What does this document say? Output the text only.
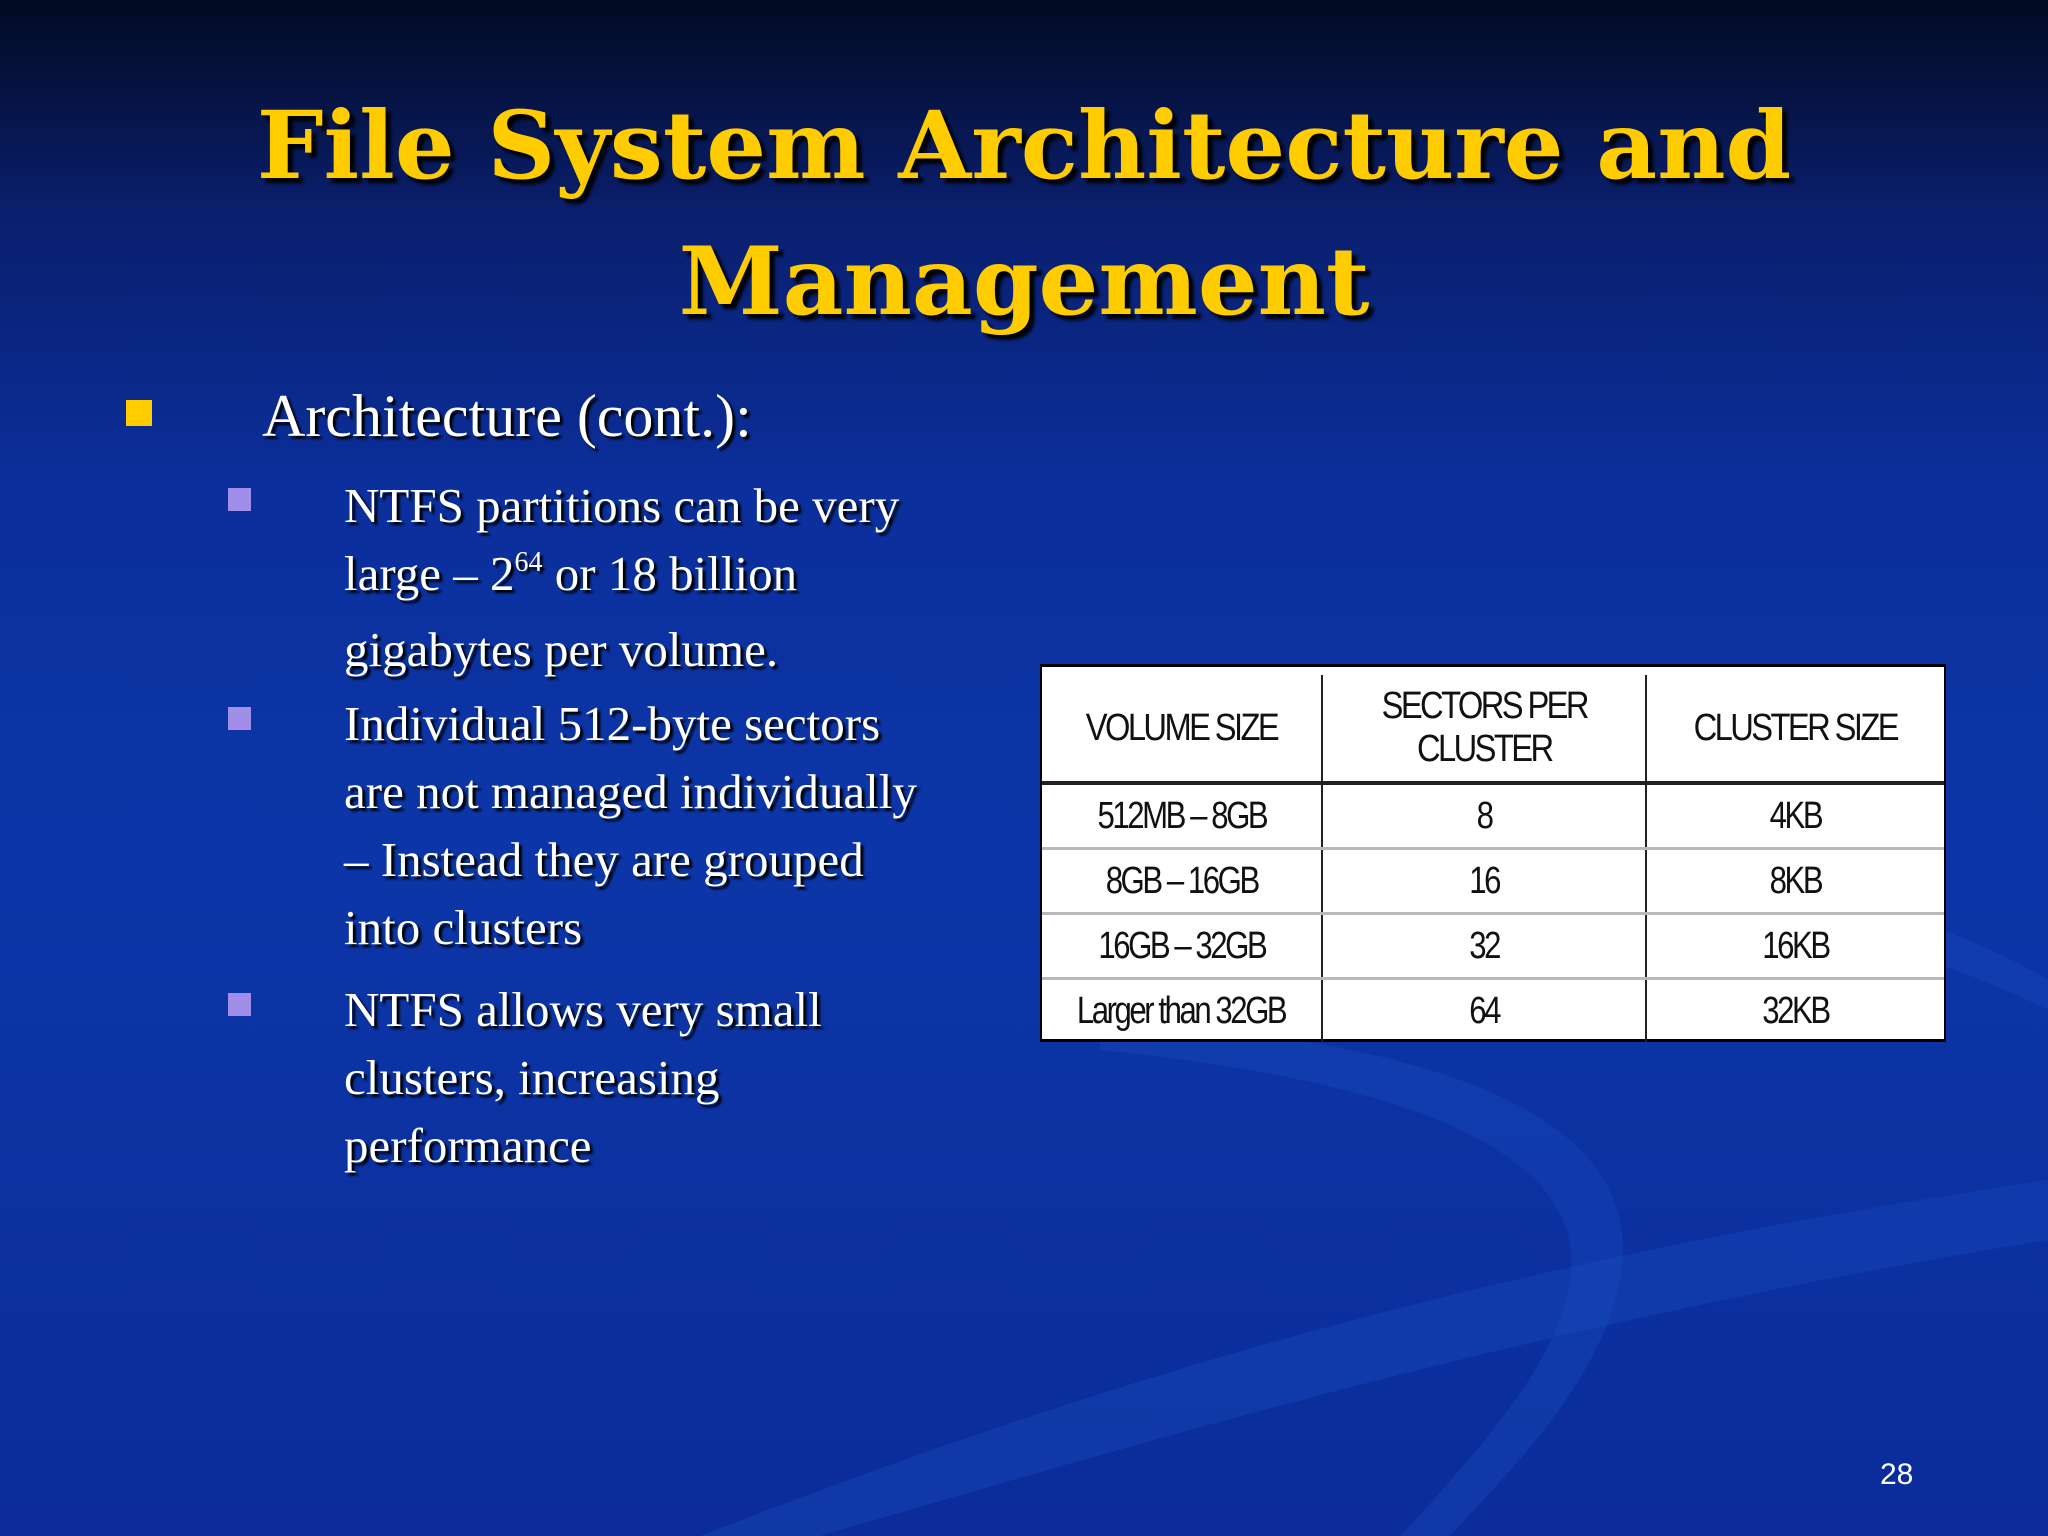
File System Architecture and
Management
Architecture (cont.):
NTFS partitions can be very
large – $2^{64}$ or 18 billion
gigabytes per volume.
Individual 512-byte sectors
are not managed individually
– Instead they are grouped
into clusters
NTFS allows very small
clusters, increasing
performance
VOLUME SIZE	SECTORS PER CLUSTER	CLUSTER SIZE
512MB – 8GB	8	4KB
8GB – 16GB	16	8KB
16GB – 32GB	32	16KB
Larger than 32GB	64	32KB
28
